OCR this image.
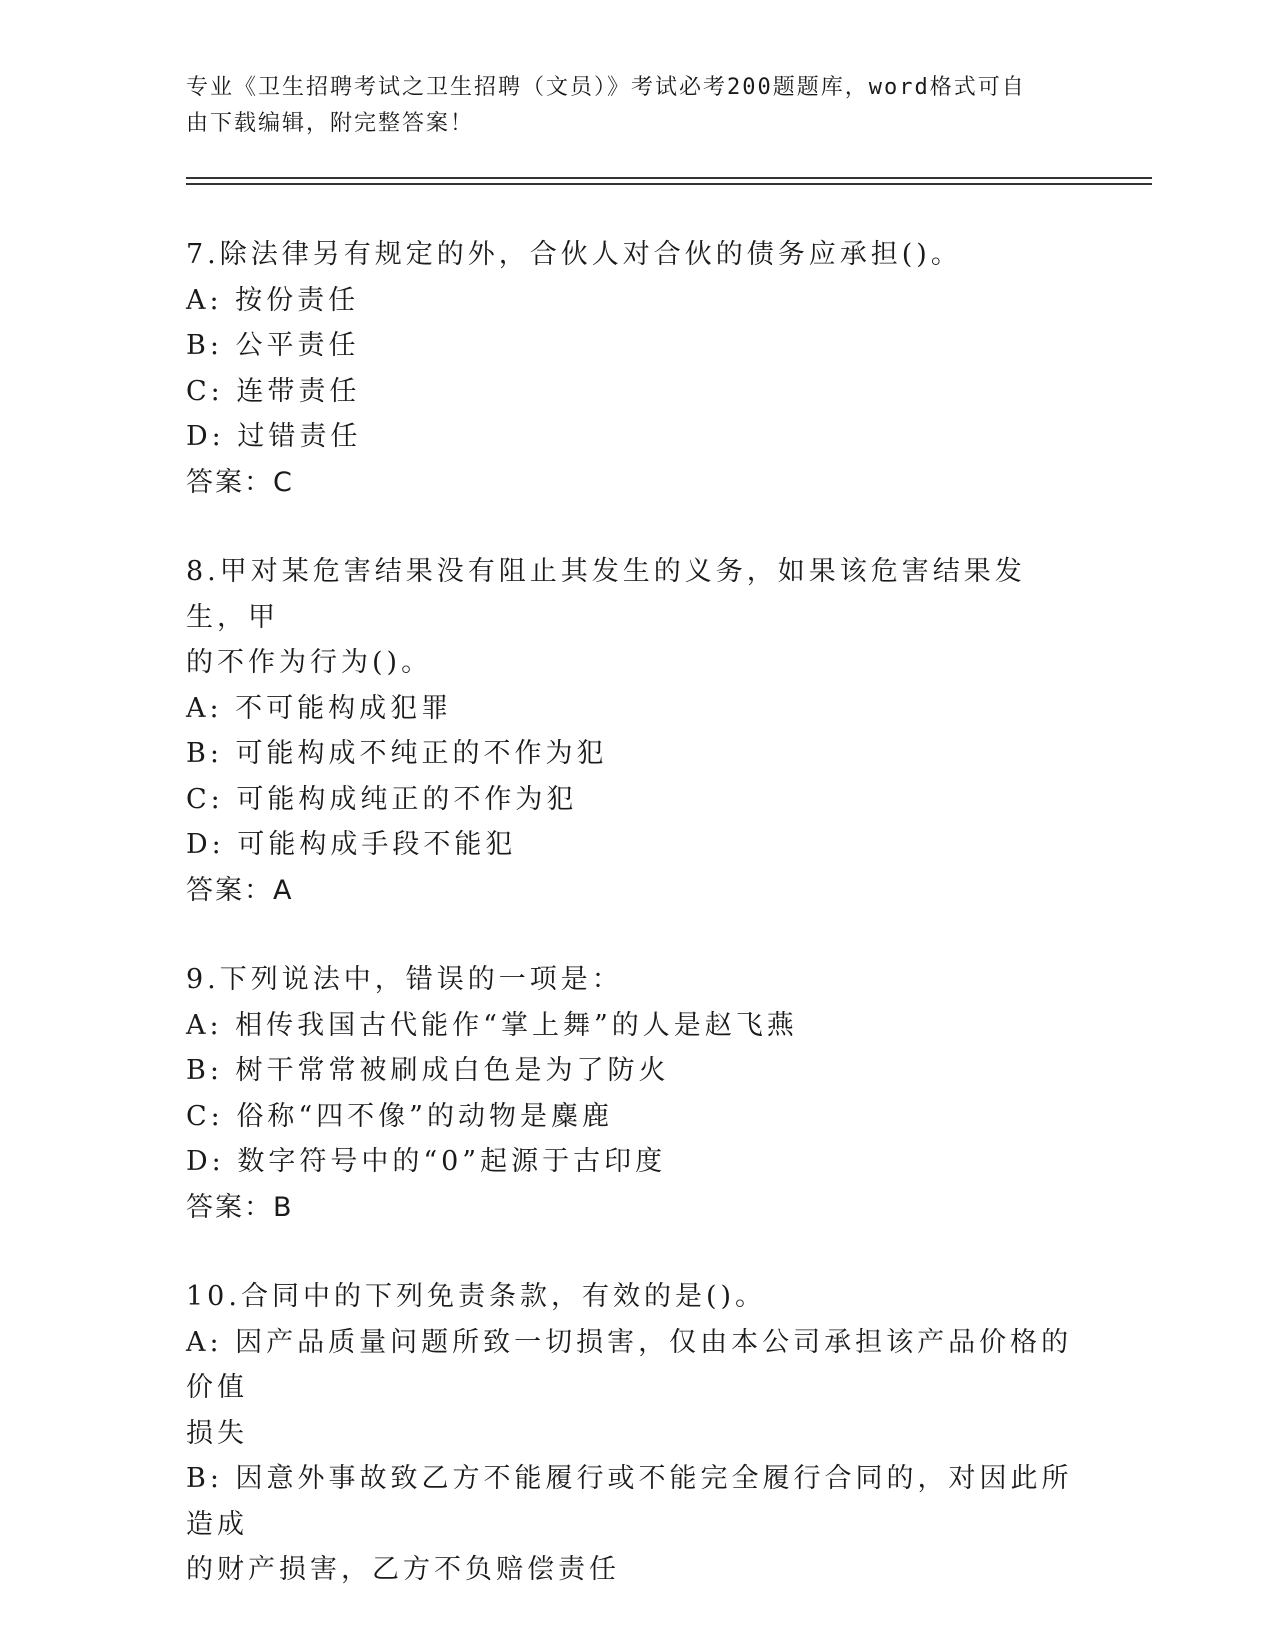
专业《卫生招聘考试之卫生招聘（文员）》考试必考200题题库，word格式可自
由下载编辑，附完整答案！
7.除法律另有规定的外，合伙人对合伙的债务应承担()。
A: 按份责任
B: 公平责任
C: 连带责任
D: 过错责任
答案：C
8.甲对某危害结果没有阻止其发生的义务，如果该危害结果发生，甲
的不作为行为()。
A: 不可能构成犯罪
B: 可能构成不纯正的不作为犯
C: 可能构成纯正的不作为犯
D: 可能构成手段不能犯
答案：A
9.下列说法中，错误的一项是：
A: 相传我国古代能作“掌上舞”的人是赵飞燕
B: 树干常常被刷成白色是为了防火
C: 俗称“四不像”的动物是麋鹿
D: 数字符号中的“0”起源于古印度
答案：B
10.合同中的下列免责条款，有效的是()。
A: 因产品质量问题所致一切损害，仅由本公司承担该产品价格的价值
损失
B: 因意外事故致乙方不能履行或不能完全履行合同的，对因此所造成
的财产损害，乙方不负赔偿责任
